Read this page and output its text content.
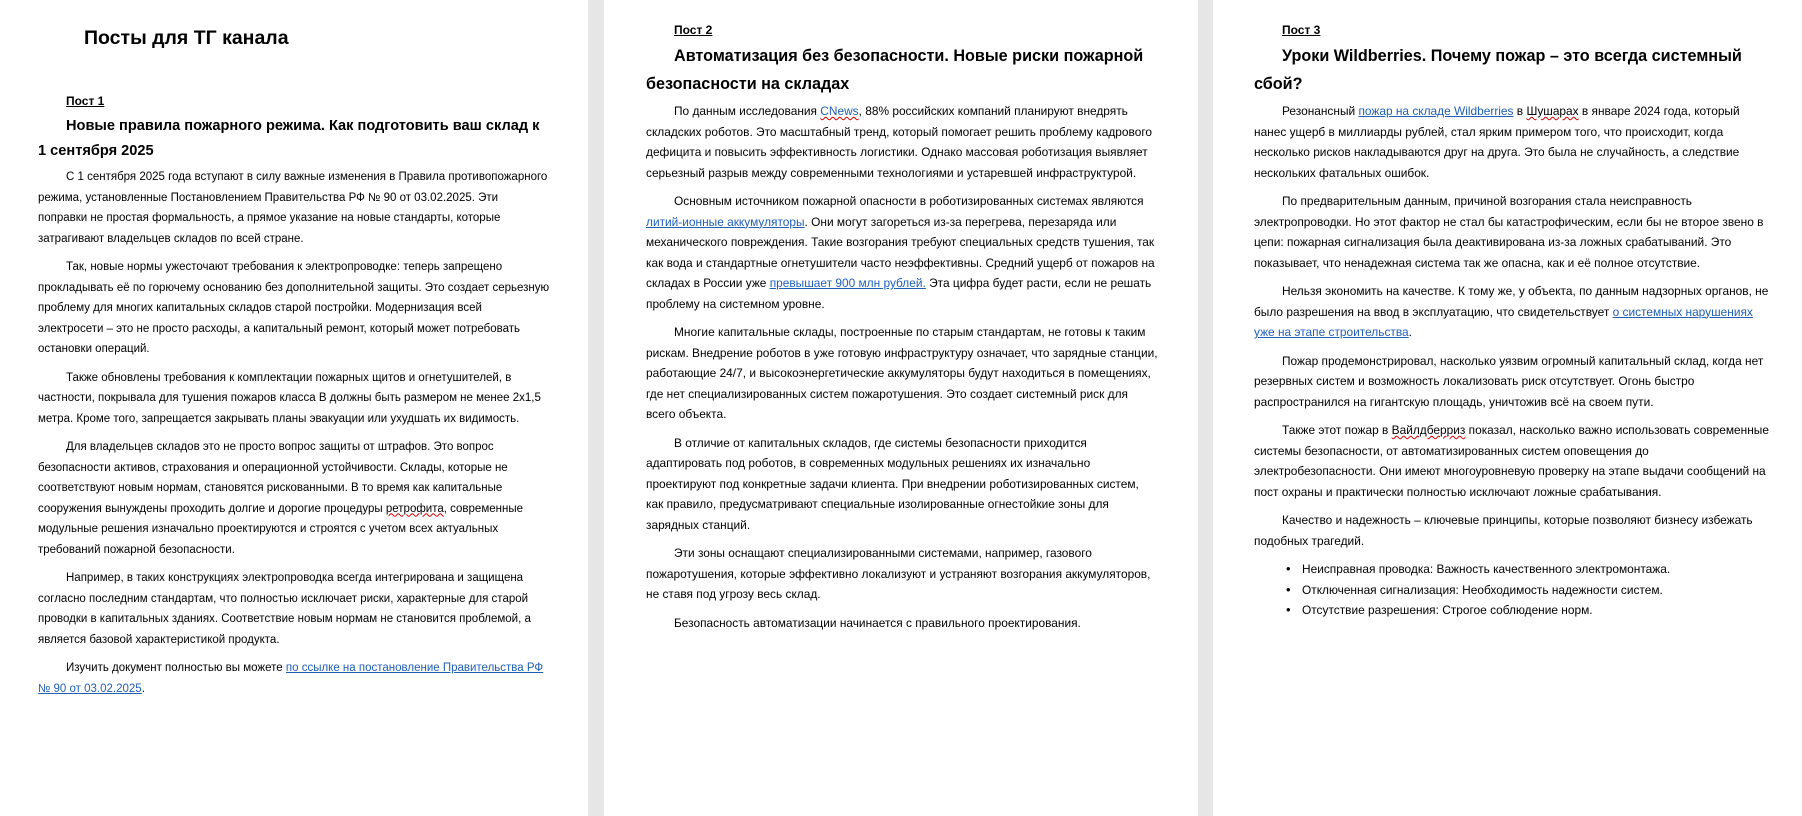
Посты для ТГ канала
Пост 1
Новые правила пожарного режима. Как подготовить ваш склад к 1 сентября 2025

С 1 сентября 2025 года вступают в силу важные изменения в Правила противопожарного режима, установленные Постановлением Правительства РФ № 90 от 03.02.2025. Эти поправки не простая формальность, а прямое указание на новые стандарты, которые затрагивают владельцев складов по всей стране.

Так, новые нормы ужесточают требования к электропроводке: теперь запрещено прокладывать её по горючему основанию без дополнительной защиты. Это создает серьезную проблему для многих капитальных складов старой постройки. Модернизация всей электросети – это не просто расходы, а капитальный ремонт, который может потребовать остановки операций.

Также обновлены требования к комплектации пожарных щитов и огнетушителей, в частности, покрывала для тушения пожаров класса B должны быть размером не менее 2x1,5 метра. Кроме того, запрещается закрывать планы эвакуации или ухудшать их видимость.

Для владельцев складов это не просто вопрос защиты от штрафов. Это вопрос безопасности активов, страхования и операционной устойчивости. Склады, которые не соответствуют новым нормам, становятся рискованными. В то время как капитальные сооружения вынуждены проходить долгие и дорогие процедуры ретрофита, современные модульные решения изначально проектируются и строятся с учетом всех актуальных требований пожарной безопасности.

Например, в таких конструкциях электропроводка всегда интегрирована и защищена согласно последним стандартам, что полностью исключает риски, характерные для старой проводки в капитальных зданиях. Соответствие новым нормам не становится проблемой, а является базовой характеристикой продукта.

Изучить документ полностью вы можете по ссылке на постановление Правительства РФ № 90 от 03.02.2025.

Пост 2
Автоматизация без безопасности. Новые риски пожарной безопасности на складах

По данным исследования CNews, 88% российских компаний планируют внедрять складских роботов. Это масштабный тренд, который помогает решить проблему кадрового дефицита и повысить эффективность логистики. Однако массовая роботизация выявляет серьезный разрыв между современными технологиями и устаревшей инфраструктурой.

Основным источником пожарной опасности в роботизированных системах являются литий-ионные аккумуляторы. Они могут загореться из-за перегрева, перезаряда или механического повреждения. Такие возгорания требуют специальных средств тушения, так как вода и стандартные огнетушители часто неэффективны. Средний ущерб от пожаров на складах в России уже превышает 900 млн рублей. Эта цифра будет расти, если не решать проблему на системном уровне.

Многие капитальные склады, построенные по старым стандартам, не готовы к таким рискам. Внедрение роботов в уже готовую инфраструктуру означает, что зарядные станции, работающие 24/7, и высокоэнергетические аккумуляторы будут находиться в помещениях, где нет специализированных систем пожаротушения. Это создает системный риск для всего объекта.

В отличие от капитальных складов, где системы безопасности приходится адаптировать под роботов, в современных модульных решениях их изначально проектируют под конкретные задачи клиента. При внедрении роботизированных систем, как правило, предусматривают специальные изолированные огнестойкие зоны для зарядных станций.

Эти зоны оснащают специализированными системами, например, газового пожаротушения, которые эффективно локализуют и устраняют возгорания аккумуляторов, не ставя под угрозу весь склад.

Безопасность автоматизации начинается с правильного проектирования.

Пост 3
Уроки Wildberries. Почему пожар – это всегда системный сбой?

Резонансный пожар на складе Wildberries в Шушарах в январе 2024 года, который нанес ущерб в миллиарды рублей, стал ярким примером того, что происходит, когда несколько рисков накладываются друг на друга. Это была не случайность, а следствие нескольких фатальных ошибок.

По предварительным данным, причиной возгорания стала неисправность электропроводки. Но этот фактор не стал бы катастрофическим, если бы не второе звено в цепи: пожарная сигнализация была деактивирована из-за ложных срабатываний. Это показывает, что ненадежная система так же опасна, как и её полное отсутствие.

Нельзя экономить на качестве. К тому же, у объекта, по данным надзорных органов, не было разрешения на ввод в эксплуатацию, что свидетельствует о системных нарушениях уже на этапе строительства.

Пожар продемонстрировал, насколько уязвим огромный капитальный склад, когда нет резервных систем и возможность локализовать риск отсутствует. Огонь быстро распространился на гигантскую площадь, уничтожив всё на своем пути.

Также этот пожар в Вайлдберриз показал, насколько важно использовать современные системы безопасности, от автоматизированных систем оповещения до электробезопасности. Они имеют многоуровневую проверку на этапе выдачи сообщений на пост охраны и практически полностью исключают ложные срабатывания.

Качество и надежность – ключевые принципы, которые позволяют бизнесу избежать подобных трагедий.

• Неисправная проводка: Важность качественного электромонтажа.
• Отключенная сигнализация: Необходимость надежности систем.
• Отсутствие разрешения: Строгое соблюдение норм.
